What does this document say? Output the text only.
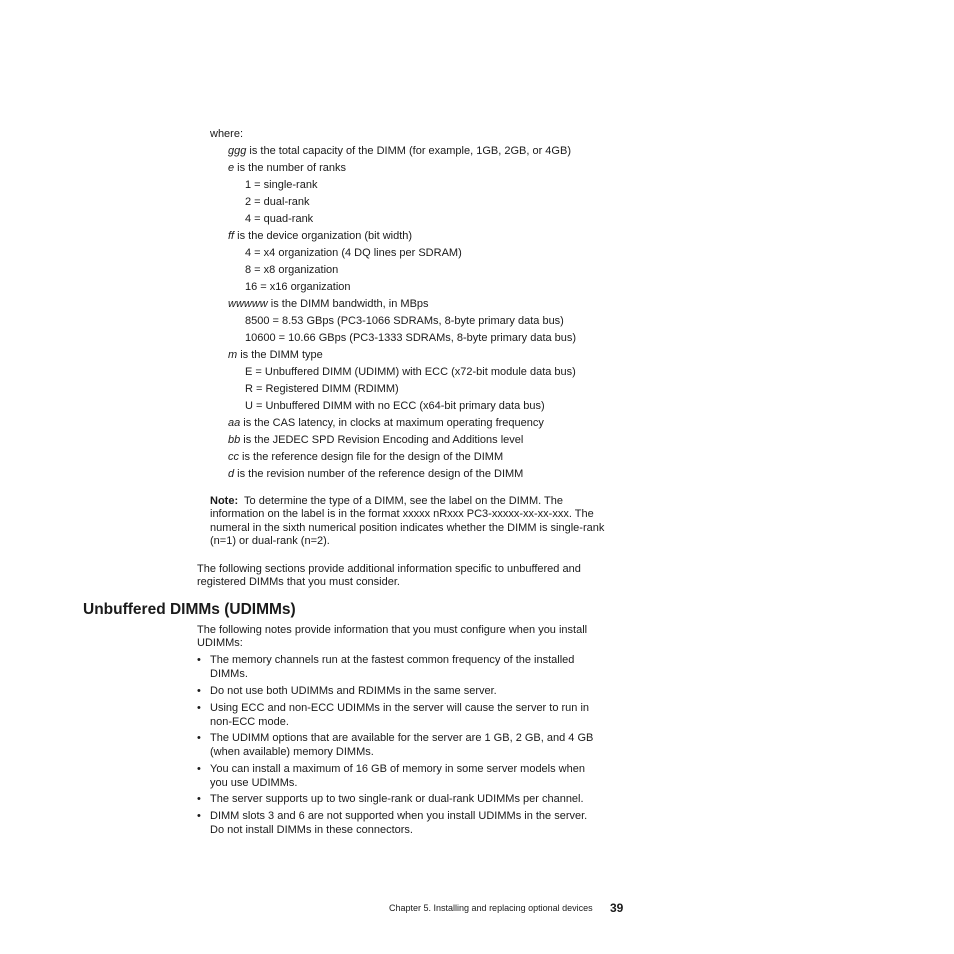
where:
ggg is the total capacity of the DIMM (for example, 1GB, 2GB, or 4GB)
e is the number of ranks
1 = single-rank
2 = dual-rank
4 = quad-rank
ff is the device organization (bit width)
4 = x4 organization (4 DQ lines per SDRAM)
8 = x8 organization
16 = x16 organization
wwwww is the DIMM bandwidth, in MBps
8500 = 8.53 GBps (PC3-1066 SDRAMs, 8-byte primary data bus)
10600 = 10.66 GBps (PC3-1333 SDRAMs, 8-byte primary data bus)
m is the DIMM type
E = Unbuffered DIMM (UDIMM) with ECC (x72-bit module data bus)
R = Registered DIMM (RDIMM)
U = Unbuffered DIMM with no ECC (x64-bit primary data bus)
aa is the CAS latency, in clocks at maximum operating frequency
bb is the JEDEC SPD Revision Encoding and Additions level
cc is the reference design file for the design of the DIMM
d is the revision number of the reference design of the DIMM
Note: To determine the type of a DIMM, see the label on the DIMM. The
information on the label is in the format xxxxx nRxxx PC3-xxxxx-xx-xx-xxx. The
numeral in the sixth numerical position indicates whether the DIMM is single-rank
(n=1) or dual-rank (n=2).
The following sections provide additional information specific to unbuffered and
registered DIMMs that you must consider.
Unbuffered DIMMs (UDIMMs)
The following notes provide information that you must configure when you install
UDIMMs:
• The memory channels run at the fastest common frequency of the installed
DIMMs.
• Do not use both UDIMMs and RDIMMs in the same server.
• Using ECC and non-ECC UDIMMs in the server will cause the server to run in
non-ECC mode.
• The UDIMM options that are available for the server are 1 GB, 2 GB, and 4 GB
(when available) memory DIMMs.
• You can install a maximum of 16 GB of memory in some server models when
you use UDIMMs.
• The server supports up to two single-rank or dual-rank UDIMMs per channel.
• DIMM slots 3 and 6 are not supported when you install UDIMMs in the server.
Do not install DIMMs in these connectors.
Chapter 5. Installing and replacing optional devices 39
